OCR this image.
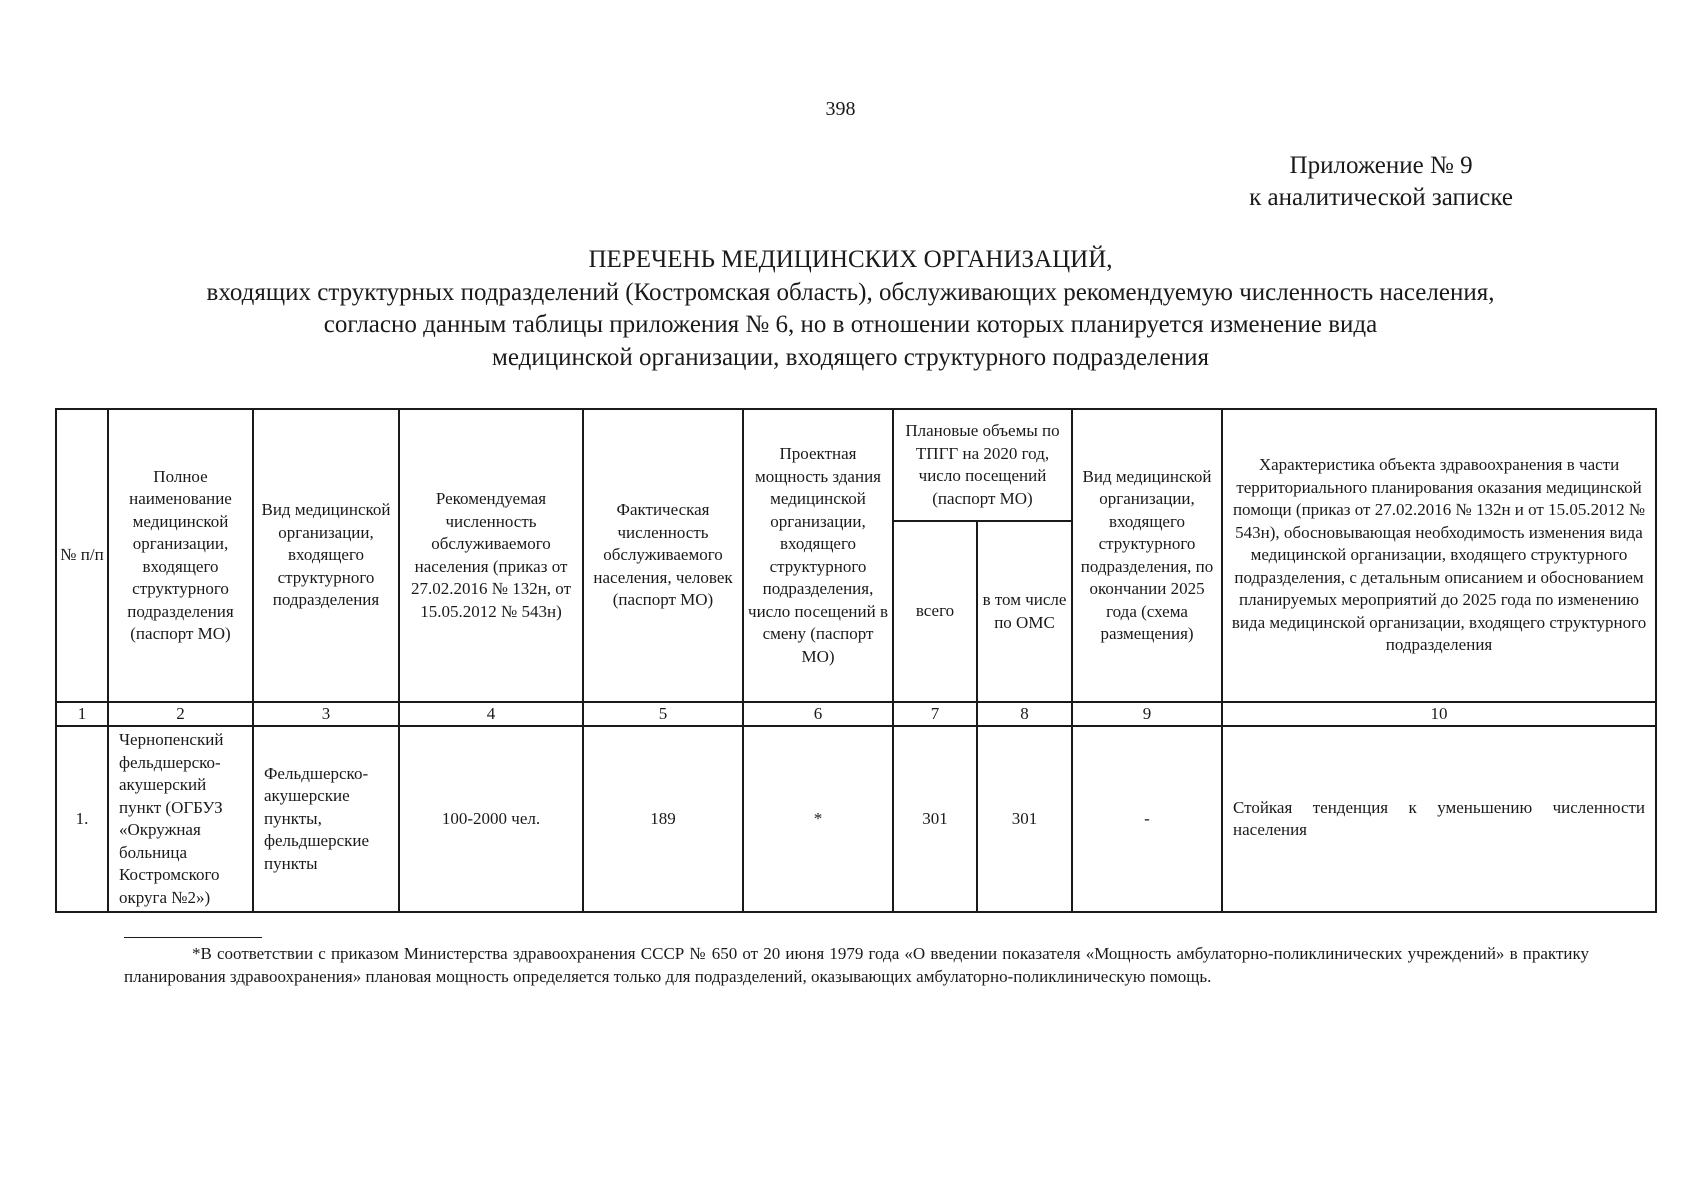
398
Приложение № 9
к аналитической записке
ПЕРЕЧЕНЬ МЕДИЦИНСКИХ ОРГАНИЗАЦИЙ,
входящих структурных подразделений (Костромская область), обслуживающих рекомендуемую численность населения,
согласно данным таблицы приложения № 6, но в отношении которых планируется изменение вида
медицинской организации, входящего структурного подразделения
№ п/п	Полное наименование медицинской организации, входящего структурного подразделения (паспорт МО)	Вид медицинской организации, входящего структурного подразделения	Рекомендуемая численность обслуживаемого населения (приказ от 27.02.2016 № 132н, от 15.05.2012 № 543н)	Фактическая численность обслуживаемого населения, человек (паспорт МО)	Проектная мощность здания медицинской организации, входящего структурного подразделения, число посещений в смену (паспорт МО)	Плановые объемы по ТПГГ на 2020 год, число посещений (паспорт МО)		Вид медицинской организации, входящего структурного подразделения, по окончании 2025 года (схема размещения)	Характеристика объекта здравоохранения в части территориального планирования оказания медицинской помощи (приказ от 27.02.2016 № 132н и от 15.05.2012 № 543н), обосновывающая необходимость изменения вида медицинской организации, входящего структурного подразделения, с детальным описанием и обоснованием планируемых мероприятий до 2025 года по изменению вида медицинской организации, входящего структурного подразделения
						всего	в том числе по ОМС		
1	2	3	4	5	6	7	8	9	10
1.	Чернопенский фельдшерско-акушерский пункт (ОГБУЗ «Окружная больница Костромского округа №2»)	Фельдшерско-акушерские пункты, фельдшерские пункты	100-2000 чел.	189	*	301	301	-	Стойкая тенденция к уменьшению численности населения
*В соответствии с приказом Министерства здравоохранения СССР № 650 от 20 июня 1979 года «О введении показателя «Мощность амбулаторно-поликлинических учреждений» в практику планирования здравоохранения» плановая мощность определяется только для подразделений, оказывающих амбулаторно-поликлиническую помощь.
